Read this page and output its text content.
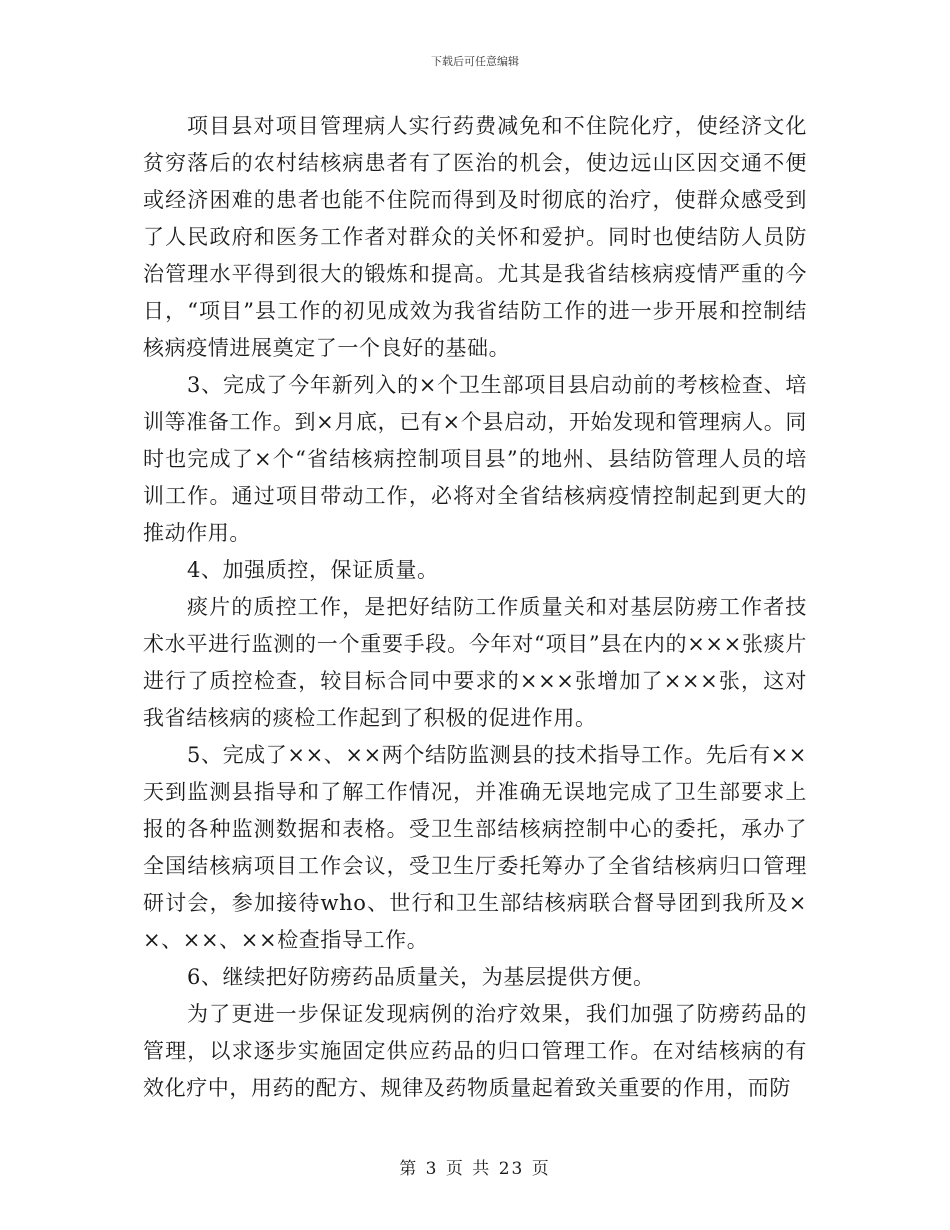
下载后可任意编辑

项目县对项目管理病人实行药费减免和不住院化疗，使经济文化贫穷落后的农村结核病患者有了医治的机会，使边远山区因交通不便或经济困难的患者也能不住院而得到及时彻底的治疗，使群众感受到了人民政府和医务工作者对群众的关怀和爱护。同时也使结防人员防治管理水平得到很大的锻炼和提高。尤其是我省结核病疫情严重的今日，“项目”县工作的初见成效为我省结防工作的进一步开展和控制结核病疫情进展奠定了一个良好的基础。

3、完成了今年新列入的×个卫生部项目县启动前的考核检查、培训等准备工作。到×月底，已有×个县启动，开始发现和管理病人。同时也完成了×个“省结核病控制项目县”的地州、县结防管理人员的培训工作。通过项目带动工作，必将对全省结核病疫情控制起到更大的推动作用。

4、加强质控，保证质量。

痰片的质控工作，是把好结防工作质量关和对基层防痨工作者技术水平进行监测的一个重要手段。今年对“项目”县在内的×××张痰片进行了质控检查，较目标合同中要求的×××张增加了×××张，这对我省结核病的痰检工作起到了积极的促进作用。

5、完成了××、××两个结防监测县的技术指导工作。先后有××天到监测县指导和了解工作情况，并准确无误地完成了卫生部要求上报的各种监测数据和表格。受卫生部结核病控制中心的委托，承办了全国结核病项目工作会议，受卫生厅委托筹办了全省结核病归口管理研讨会，参加接待who、世行和卫生部结核病联合督导团到我所及××、××、××检查指导工作。

6、继续把好防痨药品质量关，为基层提供方便。

为了更进一步保证发现病例的治疗效果，我们加强了防痨药品的管理，以求逐步实施固定供应药品的归口管理工作。在对结核病的有效化疗中，用药的配方、规律及药物质量起着致关重要的作用，而防

第 3 页 共 23 页
